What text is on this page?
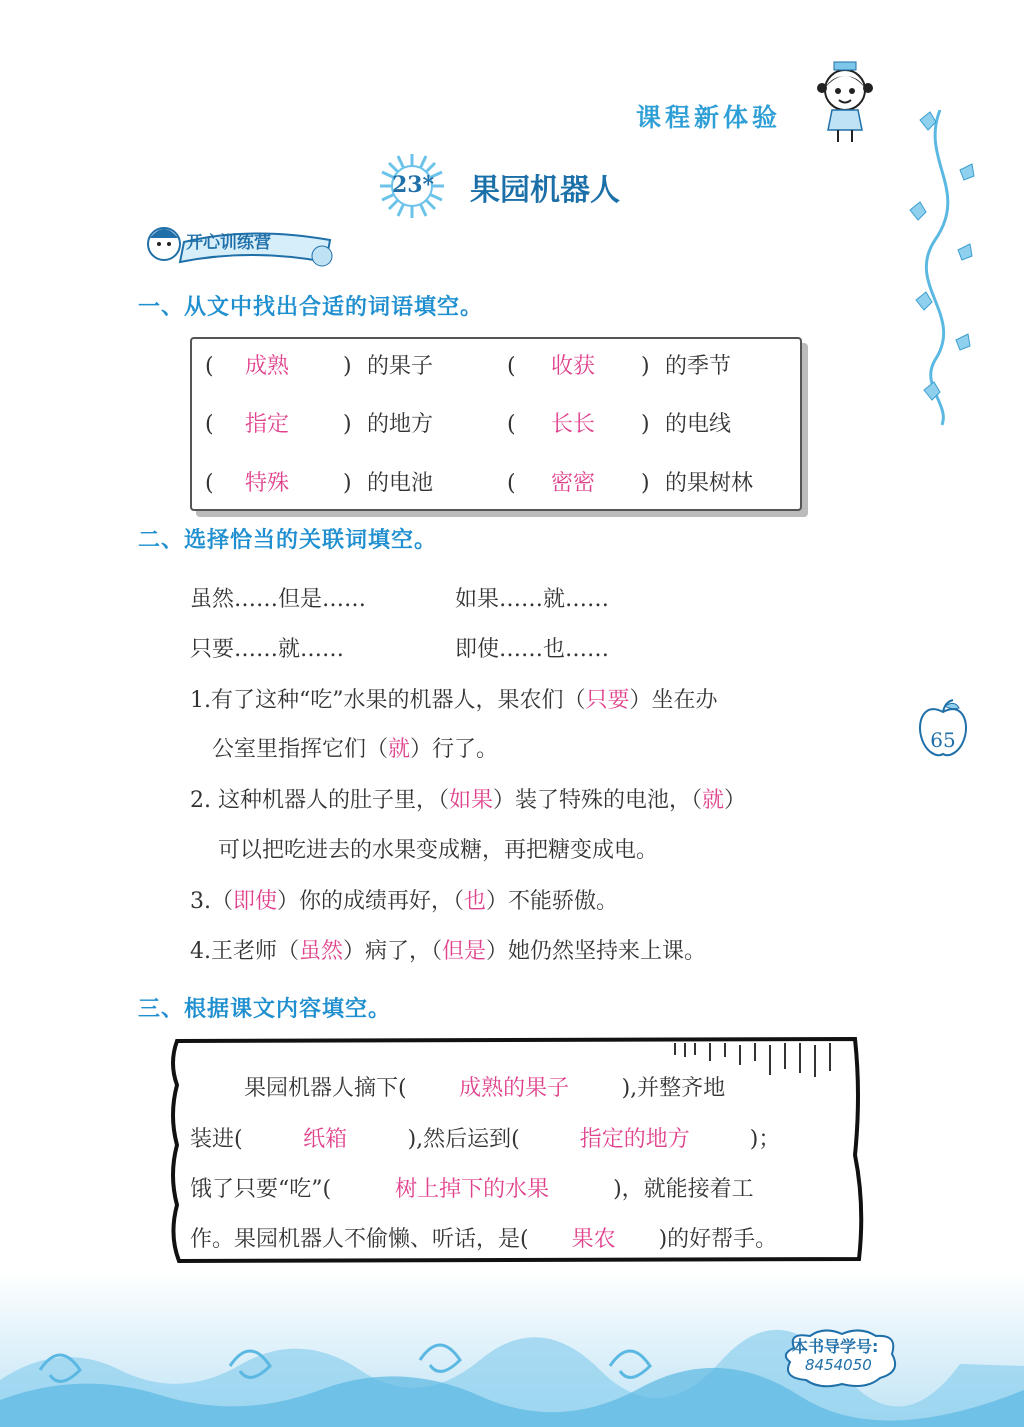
课程新体验
23* 果园机器人
开心训练营
一、从文中找出合适的词语填空。
( 成熟 ) 的果子	( 收获 ) 的季节
( 指定 ) 的地方	( 长长 ) 的电线
( 特殊 ) 的电池	( 密密 ) 的果树林
二、选择恰当的关联词填空。
虽然……但是……	如果……就……
只要……就……	即使……也……
1.有了这种“吃”水果的机器人，果农们（只要）坐在办
公室里指挥它们（就）行了。
2. 这种机器人的肚子里，（如果）装了特殊的电池，（就）
可以把吃进去的水果变成糖，再把糖变成电。
3.（即使）你的成绩再好，（也）不能骄傲。
4.王老师（虽然）病了，（但是）她仍然坚持来上课。
65
三、根据课文内容填空。
果园机器人摘下( 成熟的果子 ),并整齐地
装进(	纸箱	),然后运到(	指定的地方	)；
饿了只要“吃”(	树上掉下的水果	)，就能接着工
作。果园机器人不偷懒、听话，是( 果农 )的好帮手。
本书导学号:
8454050
